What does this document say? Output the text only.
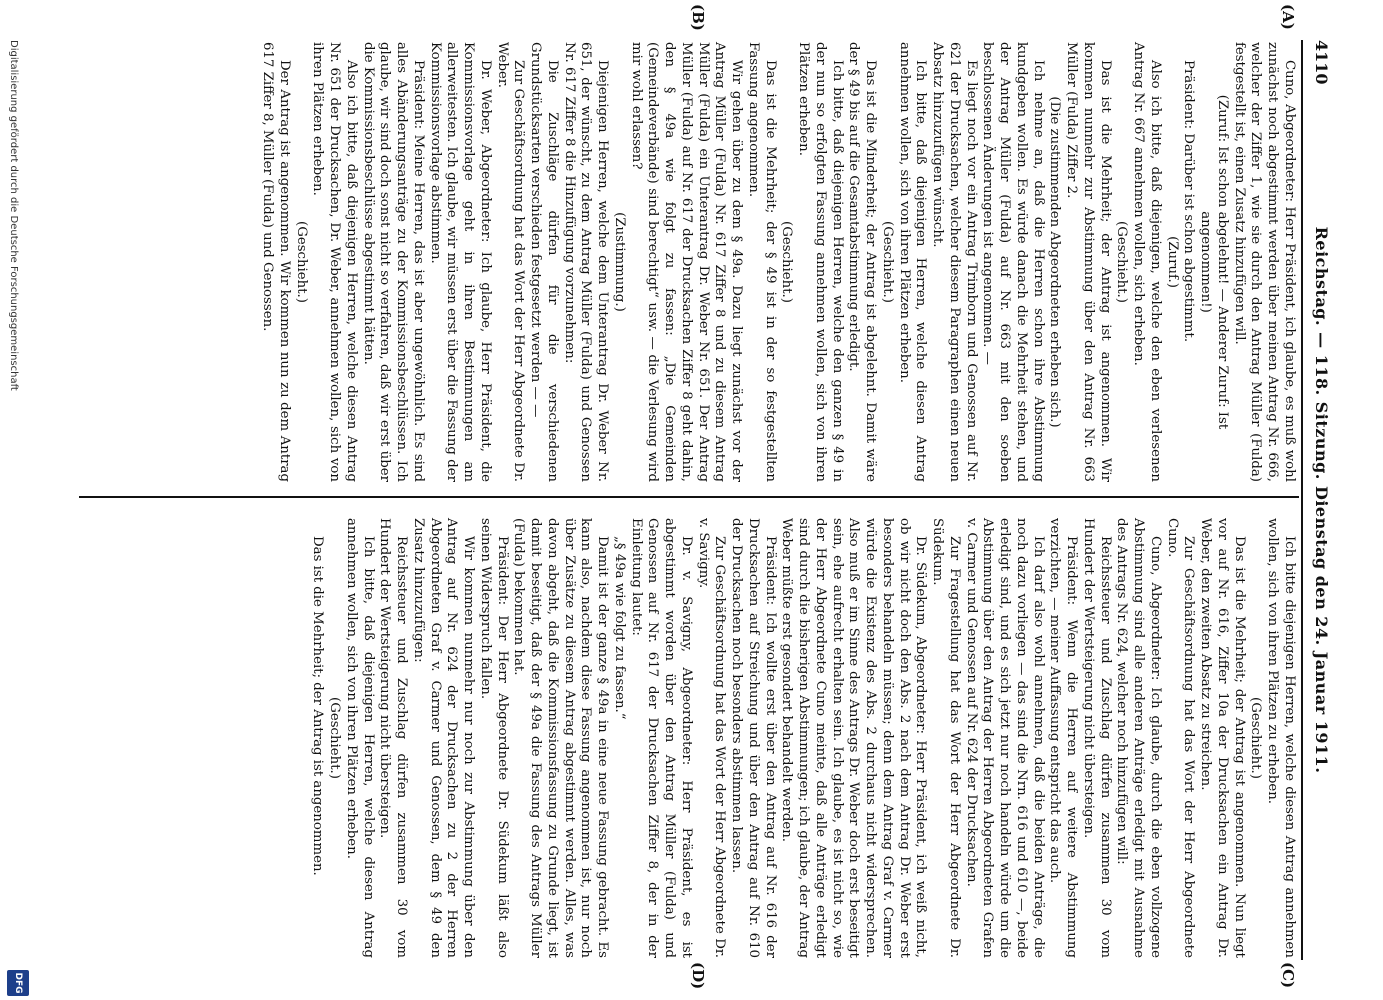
4110
Reichstag. — 118. Sitzung. Dienstag den 24. Januar 1911.
(A)
(B)
(C)
(D)

Cuno, Abgeordneter: Herr Präsident, ich glaube, es muß wohl zunächst noch abgestimmt werden über meinen Antrag Nr. 666, welcher der Ziffer 1, wie sie durch den Antrag Müller (Fulda) festgestellt ist, einen Zusatz hinzufügen will.

(Zuruf: Ist schon abgelehnt! — Anderer Zuruf: Ist angenommen!)

Präsident: Darüber ist schon abgestimmt.

(Zuruf.)

Also ich bitte, daß diejenigen, welche den eben verlesenen Antrag Nr. 667 annehmen wollen, sich erheben.

(Geschieht.)

Das ist die Mehrheit; der Antrag ist angenommen. Wir kommen nunmehr zur Abstimmung über den Antrag Nr. 663 Müller (Fulda) Ziffer 2.

(Die zustimmenden Abgeordneten erheben sich.)

Ich nehme an, daß die Herren schon ihre Abstimmung kundgeben wollen. Es würde danach die Mehrheit stehen, und der Antrag Müller (Fulda) auf Nr. 663 mit den soeben beschlossenen Änderungen ist angenommen. —

Es liegt noch vor ein Antrag Trimborn und Genossen auf Nr. 621 der Drucksachen, welcher diesem Paragraphen einen neuen Absatz hinzuzufügen wünscht.

Ich bitte, daß diejenigen Herren, welche diesen Antrag annehmen wollen, sich von ihren Plätzen erheben.

(Geschieht.)

Das ist die Minderheit; der Antrag ist abgelehnt. Damit wäre der § 49 bis auf die Gesamtabstimmung erledigt.

Ich bitte, daß diejenigen Herren, welche den ganzen § 49 in der nun so erfolgten Fassung annehmen wollen, sich von ihren Plätzen erheben.

(Geschieht.)

Das ist die Mehrheit; der § 49 ist in der so festgestellten Fassung angenommen.

Wir gehen über zu dem § 49a. Dazu liegt zunächst vor der Antrag Müller (Fulda) Nr. 617 Ziffer 8 und zu diesem Antrag Müller (Fulda) ein Unterantrag Dr. Weber Nr. 651. Der Antrag Müller (Fulda) auf Nr. 617 der Drucksachen Ziffer 8 geht dahin, den § 49a wie folgt zu fassen: „Die Gemeinden (Gemeindeverbände) sind berechtigt“ usw. — die Verlesung wird mir wohl erlassen?

(Zustimmung.)

Diejenigen Herren, welche dem Unterantrag Dr. Weber Nr. 651, der wünscht, zu dem Antrag Müller (Fulda) und Genossen Nr. 617 Ziffer 8 die Hinzufügung vorzunehmen:

Die Zuschläge dürfen für die verschiedenen Grundstücksarten verschieden festgesetzt werden — —

Zur Geschäftsordnung hat das Wort der Herr Abgeordnete Dr. Weber.

Dr. Weber, Abgeordneter: Ich glaube, Herr Präsident, die Kommissionsvorlage geht in ihren Bestimmungen am allerweitesten. Ich glaube, wir müssen erst über die Fassung der Kommissionsvorlage abstimmen.

Präsident: Meine Herren, das ist aber ungewöhnlich. Es sind alles Abänderungsanträge zu der Kommissionsbeschlüssen. Ich glaube, wir sind doch sonst nicht so verfahren, daß wir erst über die Kommissionsbeschlüsse abgestimmt hätten.

Also ich bitte, daß diejenigen Herren, welche diesen Antrag Nr. 651 der Drucksachen, Dr. Weber, annehmen wollen, sich von ihren Plätzen erheben.

(Geschieht.)

Der Antrag ist angenommen. Wir kommen nun zu dem Antrag 617 Ziffer 8, Müller (Fulda) und Genossen.

Ich bitte diejenigen Herren, welche diesen Antrag annehmen wollen, sich von ihren Plätzen zu erheben.

(Geschieht.)

Das ist die Mehrheit; der Antrag ist angenommen. Nun liegt vor auf Nr. 616, Ziffer 10a der Drucksachen ein Antrag Dr. Weber, den zweiten Absatz zu streichen.

Zur Geschäftsordnung hat das Wort der Herr Abgeordnete Cuno.

Cuno, Abgeordneter: Ich glaube, durch die eben vollzogene Abstimmung sind alle anderen Anträge erledigt mit Ausnahme des Antrags Nr. 624, welcher noch hinzufügen will:

Reichssteuer und Zuschlag dürfen zusammen 30 vom Hundert der Wertsteigerung nicht übersteigen.

Präsident: Wenn die Herren auf weitere Abstimmung verzichten, — meiner Auffassung entspricht das auch.

Ich darf also wohl annehmen, daß die beiden Anträge, die noch dazu vorliegen — das sind die Nrn. 616 und 610 —, beide erledigt sind, und es sich jetzt nur noch handeln würde um die Abstimmung über den Antrag der Herren Abgeordneten Grafen v. Carmer und Genossen auf Nr. 624 der Drucksachen.

Zur Fragestellung hat das Wort der Herr Abgeordnete Dr. Südekum.

Dr. Südekum, Abgeordneter: Herr Präsident, ich weiß nicht, ob wir nicht doch den Abs. 2 nach dem Antrag Dr. Weber erst besonders behandeln müssen; denn dem Antrag Graf v. Carmer würde die Existenz des Abs. 2 durchaus nicht widersprechen. Also muß er im Sinne des Antrags Dr. Weber doch erst beseitigt sein, ehe aufrecht erhalten sein. Ich glaube, es ist nicht so, wie der Herr Abgeordnete Cuno meinte, daß alle Anträge erledigt sind durch die bisherigen Abstimmungen; ich glaube, der Antrag Weber müßte erst gesondert behandelt werden.

Präsident: Ich wollte erst über den Antrag auf Nr. 616 der Drucksachen auf Streichung und über den Antrag auf Nr. 610 der Drucksachen noch besonders abstimmen lassen.

Zur Geschäftsordnung hat das Wort der Herr Abgeordnete Dr. v. Savigny.

Dr. v. Savigny, Abgeordneter: Herr Präsident, es ist abgestimmt worden über den Antrag Müller (Fulda) und Genossen auf Nr. 617 der Drucksachen Ziffer 8, der in der Einleitung lautet:

„§ 49a wie folgt zu fassen.“

Damit ist der ganze § 49a in eine neue Fassung gebracht. Es kann also, nachdem diese Fassung angenommen ist, nur noch über Zusätze zu diesem Antrag abgestimmt werden. Alles, was davon abgeht, daß die Kommissionsfassung zu Grunde liegt, ist damit beseitigt, daß der § 49a die Fassung des Antrags Müller (Fulda) bekommen hat.

Präsident: Der Herr Abgeordnete Dr. Südekum läßt also seinen Widerspruch fallen.

Wir kommen nunmehr nur noch zur Abstimmung über den Antrag auf Nr. 624 der Drucksachen zu 2 der Herren Abgeordneten Graf v. Carmer und Genossen, dem § 49 den Zusatz hinzuzufügen:

Reichssteuer und Zuschlag dürfen zusammen 30 vom Hundert der Wertsteigerung nicht übersteigen.

Ich bitte, daß diejenigen Herren, welche diesen Antrag annehmen wollen, sich von ihren Plätzen erheben.

(Geschieht.)

Das ist die Mehrheit; der Antrag ist angenommen.

Digitalisierung gefördert durch die Deutsche Forschungsgemeinschaft
DFG
